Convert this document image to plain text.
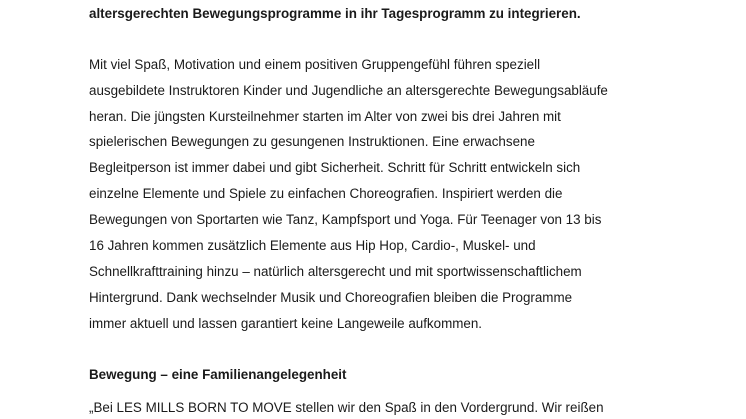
altersgerechten Bewegungsprogramme in ihr Tagesprogramm zu integrieren.
Mit viel Spaß, Motivation und einem positiven Gruppengefühl führen speziell
ausgebildete Instruktoren Kinder und Jugendliche an altersgerechte Bewegungsabläufe
heran. Die jüngsten Kursteilnehmer starten im Alter von zwei bis drei Jahren mit
spielerischen Bewegungen zu gesungenen Instruktionen. Eine erwachsene
Begleitperson ist immer dabei und gibt Sicherheit. Schritt für Schritt entwickeln sich
einzelne Elemente und Spiele zu einfachen Choreografien. Inspiriert werden die
Bewegungen von Sportarten wie Tanz, Kampfsport und Yoga. Für Teenager von 13 bis
16 Jahren kommen zusätzlich Elemente aus Hip Hop, Cardio-, Muskel- und
Schnellkrafttraining hinzu – natürlich altersgerecht und mit sportwissenschaftlichem
Hintergrund. Dank wechselnder Musik und Choreografien bleiben die Programme
immer aktuell und lassen garantiert keine Langeweile aufkommen.
Bewegung – eine Familienangelegenheit
„Bei LES MILLS BORN TO MOVE stellen wir den Spaß in den Vordergrund. Wir reißen
